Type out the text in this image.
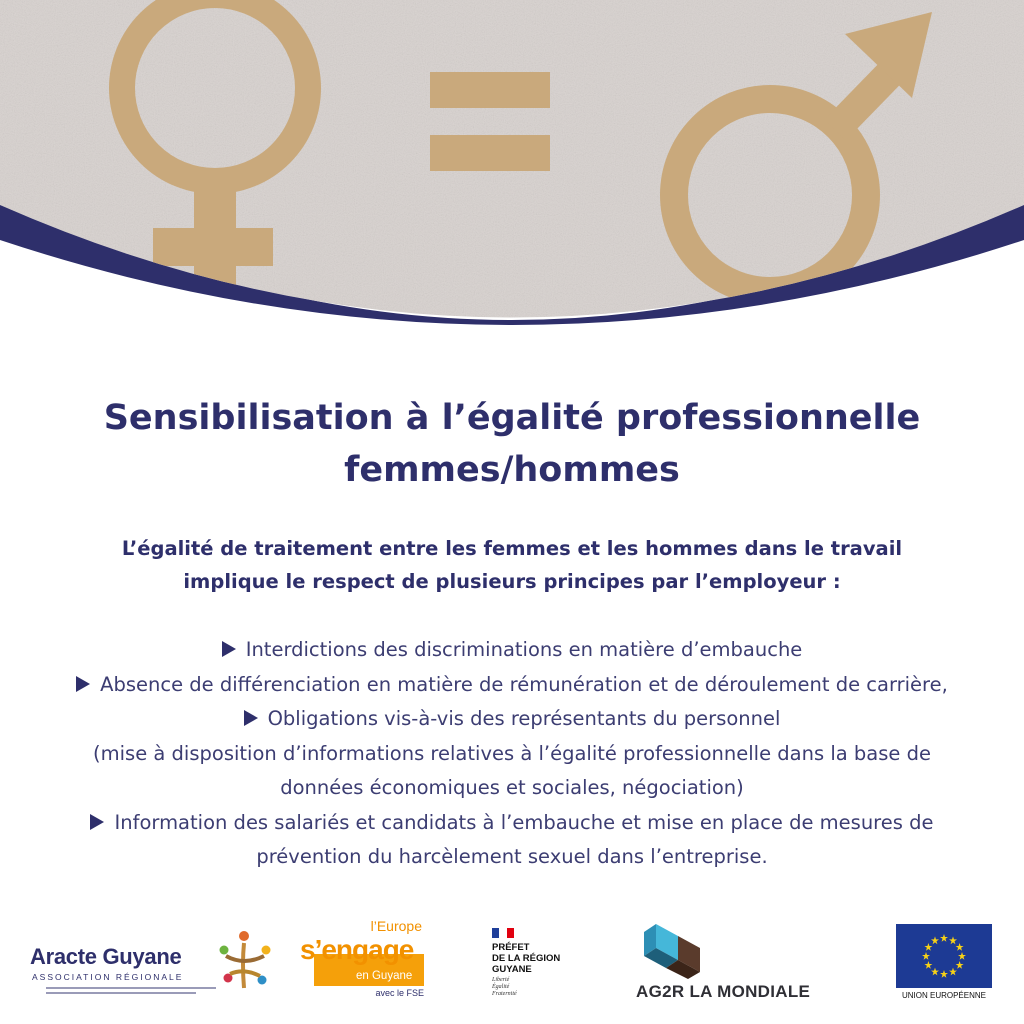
Sensibilisation à l’égalité professionnelle
femmes/hommes
L’égalité de traitement entre les femmes et les hommes dans le travail
implique le respect de plusieurs principes par l’employeur :
Interdictions des discriminations en matière d’embauche
Absence de différenciation en matière de rémunération et de déroulement de carrière,
Obligations vis-à-vis des représentants du personnel
(mise à disposition d’informations relatives à l’égalité professionnelle dans la base de
données économiques et sociales, négociation)
Information des salariés et candidats à l’embauche et mise en place de mesures de
prévention du harcèlement sexuel dans l’entreprise.
Aracte Guyane
ASSOCIATION RÉGIONALE
l’Europe
s’engage
en Guyane
avec le FSE
PRÉFET
DE LA RÉGION
GUYANE
Liberté
Égalité
Fraternité	AG2R LA MONDIALE	UNION EUROPÉENNE
